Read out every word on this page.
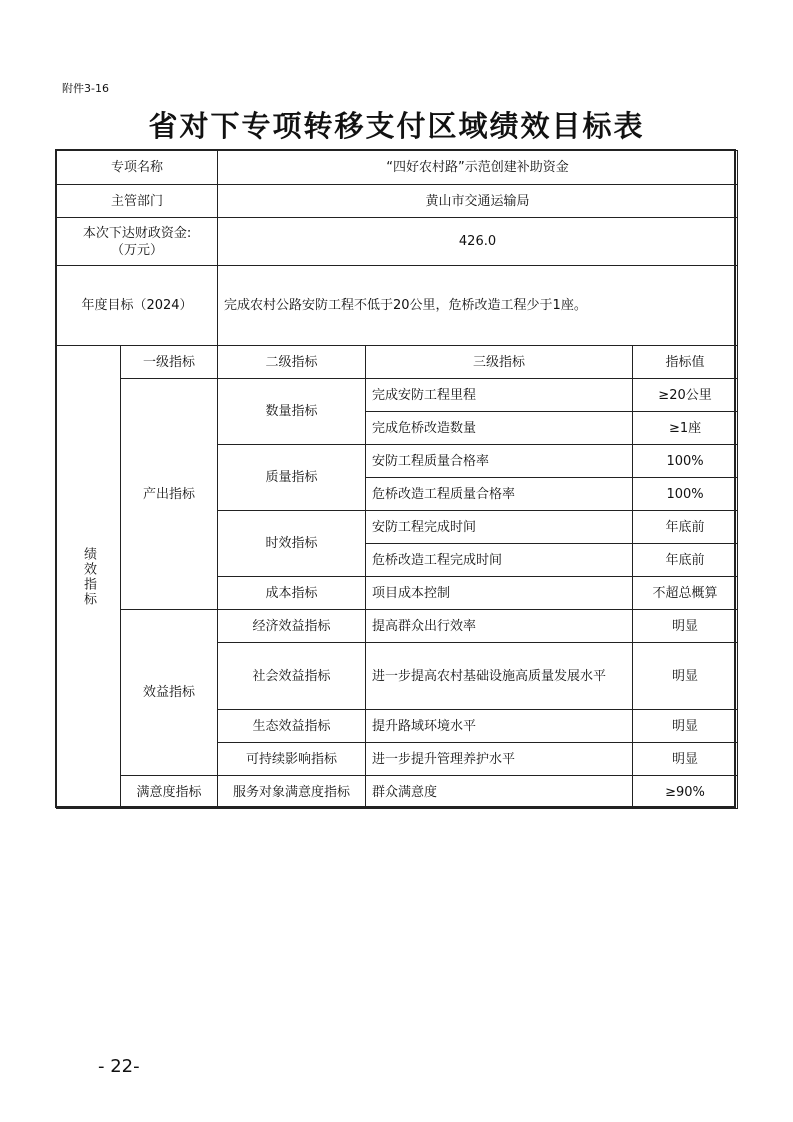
附件3-16
省对下专项转移支付区域绩效目标表
专项名称		“四好农村路”示范创建补助资金		
主管部门		黄山市交通运输局		

本次下达财政资金:
（万元）		426.0		
年度目标（2024）		完成农村公路安防工程不低于20公里，危桥改造工程少于1座。		

绩效指标	一级指标	二级指标	三级指标	指标值
	产出指标	数量指标	完成安防工程里程	≥20公里
			完成危桥改造数量	≥1座
		质量指标	安防工程质量合格率	100%
			危桥改造工程质量合格率	100%
		时效指标	安防工程完成时间	年底前
			危桥改造工程完成时间	年底前
		成本指标	项目成本控制	不超总概算
	效益指标	经济效益指标	提高群众出行效率	明显
		社会效益指标	进一步提高农村基础设施高质量发展水平	明显
		生态效益指标	提升路域环境水平	明显
		可持续影响指标	进一步提升管理养护水平	明显
	满意度指标	服务对象满意度指标	群众满意度	≥90%
- 22-
